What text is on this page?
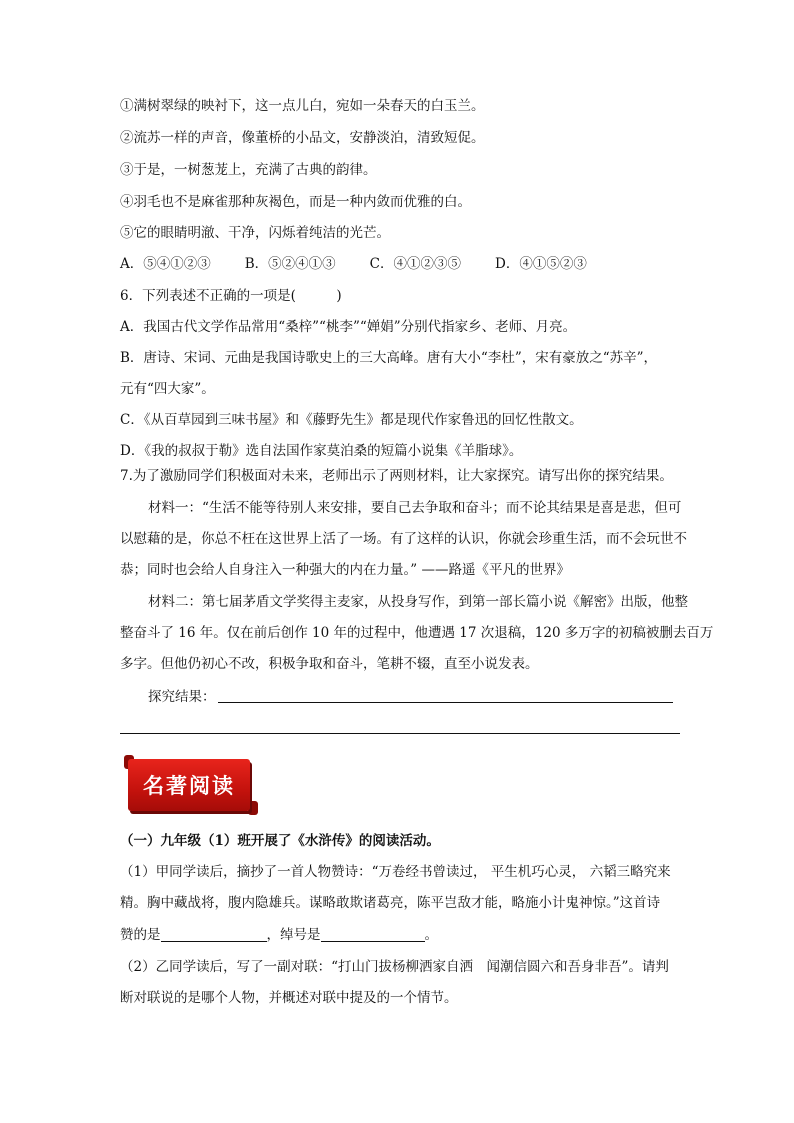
①满树翠绿的映衬下，这一点儿白，宛如一朵春天的白玉兰。
②流苏一样的声音，像董桥的小品文，安静淡泊，清致短促。
③于是，一树葱茏上，充满了古典的韵律。
④羽毛也不是麻雀那种灰褐色，而是一种内敛而优雅的白。
⑤它的眼睛明澈、干净，闪烁着纯洁的光芒。
A．⑤④①②③	B．⑤②④①③	C．④①②③⑤	D．④①⑤②③
6．下列表述不正确的一项是(　　　)
A．我国古代文学作品常用“桑梓”“桃李”“婵娟”分别代指家乡、老师、月亮。
B．唐诗、宋词、元曲是我国诗歌史上的三大高峰。唐有大小“李杜”，宋有豪放之“苏辛”，
元有“四大家”。
C．《从百草园到三味书屋》和《藤野先生》都是现代作家鲁迅的回忆性散文。
D．《我的叔叔于勒》选自法国作家莫泊桑的短篇小说集《羊脂球》。
7.为了激励同学们积极面对未来，老师出示了两则材料，让大家探究。请写出你的探究结果。
材料一：“生活不能等待别人来安排，要自己去争取和奋斗；而不论其结果是喜是悲，但可
以慰藉的是，你总不枉在这世界上活了一场。有了这样的认识，你就会珍重生活，而不会玩世不
恭；同时也会给人自身注入一种强大的内在力量。” ——路遥《平凡的世界》
材料二：第七届茅盾文学奖得主麦家，从投身写作，到第一部长篇小说《解密》出版，他整
整奋斗了 16 年。仅在前后创作 10 年的过程中，他遭遇 17 次退稿，120 多万字的初稿被删去百万
多字。但他仍初心不改，积极争取和奋斗，笔耕不辍，直至小说发表。
探究结果：
名著阅读
（一）九年级（1）班开展了《水浒传》的阅读活动。
（1）甲同学读后，摘抄了一首人物赞诗：“万卷经书曾读过， 平生机巧心灵， 六韬三略究来
精。胸中藏战将，腹内隐雄兵。谋略敢欺诸葛亮，陈平岂敌才能，略施小计鬼神惊。”这首诗
赞的是	，绰号是	。
（2）乙同学读后，写了一副对联：“打山门拔杨柳洒家自洒　闻潮信圆六和吾身非吾”。请判
断对联说的是哪个人物，并概述对联中提及的一个情节。
